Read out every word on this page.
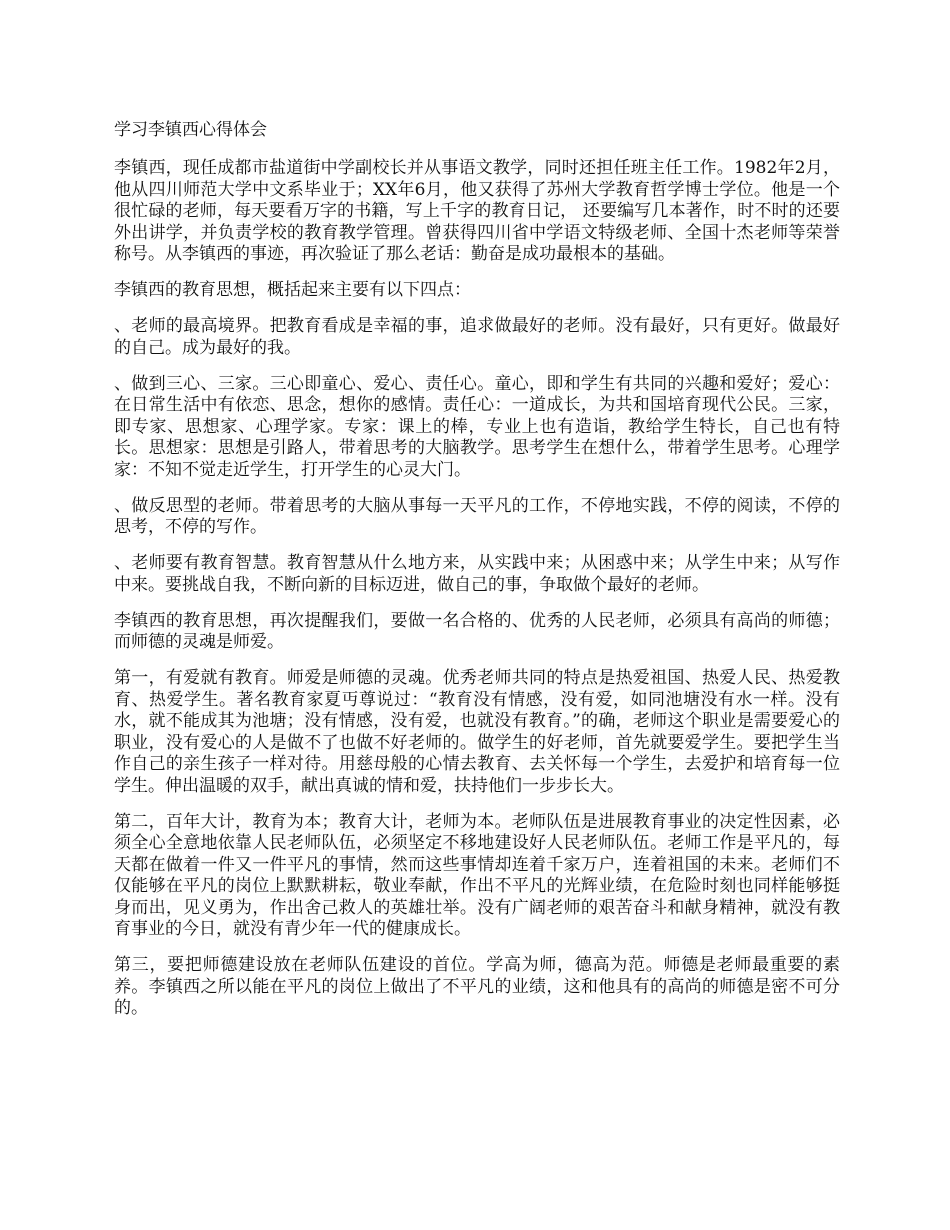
学习李镇西心得体会

李镇西，现任成都市盐道街中学副校长并从事语文教学，同时还担任班主任工作。1982年2月，他从四川师范大学中文系毕业于；XX年6月，他又获得了苏州大学教育哲学博士学位。他是一个很忙碌的老师，每天要看万字的书籍，写上千字的教育日记， 还要编写几本著作，时不时的还要外出讲学，并负责学校的教育教学管理。曾获得四川省中学语文特级老师、全国十杰老师等荣誉称号。从李镇西的事迹，再次验证了那么老话：勤奋是成功最根本的基础。

李镇西的教育思想，概括起来主要有以下四点：

、老师的最高境界。把教育看成是幸福的事，追求做最好的老师。没有最好，只有更好。做最好的自己。成为最好的我。

、做到三心、三家。三心即童心、爱心、责任心。童心，即和学生有共同的兴趣和爱好；爱心：在日常生活中有依恋、思念，想你的感情。责任心：一道成长，为共和国培育现代公民。三家，即专家、思想家、心理学家。专家：课上的棒，专业上也有造诣，教给学生特长，自己也有特长。思想家：思想是引路人，带着思考的大脑教学。思考学生在想什么，带着学生思考。心理学家：不知不觉走近学生，打开学生的心灵大门。

、做反思型的老师。带着思考的大脑从事每一天平凡的工作，不停地实践，不停的阅读，不停的思考，不停的写作。

、老师要有教育智慧。教育智慧从什么地方来，从实践中来；从困惑中来；从学生中来；从写作中来。要挑战自我，不断向新的目标迈进，做自己的事，争取做个最好的老师。

李镇西的教育思想，再次提醒我们，要做一名合格的、优秀的人民老师，必须具有高尚的师德；而师德的灵魂是师爱。

第一，有爱就有教育。师爱是师德的灵魂。优秀老师共同的特点是热爱祖国、热爱人民、热爱教育、热爱学生。著名教育家夏丏尊说过：“教育没有情感，没有爱，如同池塘没有水一样。没有水，就不能成其为池塘；没有情感，没有爱，也就没有教育。”的确，老师这个职业是需要爱心的职业，没有爱心的人是做不了也做不好老师的。做学生的好老师，首先就要爱学生。要把学生当作自己的亲生孩子一样对待。用慈母般的心情去教育、去关怀每一个学生，去爱护和培育每一位学生。伸出温暖的双手，献出真诚的情和爱，扶持他们一步步长大。

第二，百年大计，教育为本；教育大计，老师为本。老师队伍是进展教育事业的决定性因素，必须全心全意地依靠人民老师队伍，必须坚定不移地建设好人民老师队伍。老师工作是平凡的，每天都在做着一件又一件平凡的事情，然而这些事情却连着千家万户，连着祖国的未来。老师们不仅能够在平凡的岗位上默默耕耘，敬业奉献，作出不平凡的光辉业绩，在危险时刻也同样能够挺身而出，见义勇为，作出舍己救人的英雄壮举。没有广阔老师的艰苦奋斗和献身精神，就没有教育事业的今日，就没有青少年一代的健康成长。

第三，要把师德建设放在老师队伍建设的首位。学高为师，德高为范。师德是老师最重要的素养。李镇西之所以能在平凡的岗位上做出了不平凡的业绩，这和他具有的高尚的师德是密不可分的。
